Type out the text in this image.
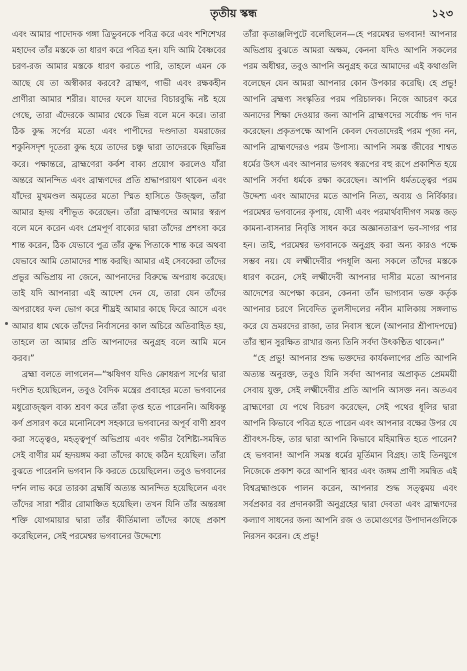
তৃতীয় স্কন্ধ	১২৩

এবং আমার পাদোদক গঙ্গা ত্রিভুবনকে পবিত্র করে এবং শশিশেখর মহাদেব তাঁর মস্তকে তা ধারণ করে পবিত্র হন। যদি আমি বৈষ্ণবের চরণ-রজ আমার মস্তকে ধারণ করতে পারি, তাহলে এমন কে আছে যে তা অস্বীকার করবে? ব্রাহ্মণ, গাভী এবং রক্ষকহীন প্রাণীরা আমার শরীর। যাদের ফলে যাদের বিচারবুদ্ধি নষ্ট হয়ে গেছে, তারা এঁদেরকে আমার থেকে ভিন্ন বলে মনে করে। তারা ঠিক কুদ্ধ সর্পের মতো এবং পাপীদের দণ্ডদাতা যমরাজের শকুনিসদৃশ দূতেরা কুদ্ধ হয়ে তাদের চঞ্চু দ্বারা তাদেরকে ছিন্নভিন্ন করে। পক্ষান্তরে, ব্রাহ্মণেরা কর্কশ বাক্য প্রয়োগ করলেও যাঁরা অন্তরে আনন্দিত এবং ব্রাহ্মণদের প্রতি শ্রদ্ধাপরায়ণ থাকেন এবং যাঁদের মুখমণ্ডল অমৃতের মতো স্মিত হাসিতে উজ্জ্বল, তাঁরা আমার হৃদয় বশীভূত করেছেন। তাঁরা ব্রাহ্মণদের আমার স্বরূপ বলে মনে করেন এবং প্রেমপূর্ণ বাক্যের দ্বারা তাঁদের প্রশংসা করে শান্ত করেন, ঠিক যেভাবে পুত্র তাঁর ক্রুদ্ধ পিতাকে শান্ত করে অথবা যেভাবে আমি তোমাদের শান্ত করছি। আমার এই সেবকেরা তাঁদের প্রভুর অভিপ্রায় না জেনে, আপনাদের বিরুদ্ধে অপরাধ করেছে। তাই যদি আপনারা এই আদেশ দেন যে, তারা যেন তাঁদের অপরাধের ফল ভোগ করে শীঘ্রই আমার কাছে ফিরে আসে এবং আমার ধাম থেকে তাঁদের নির্বাসনের কাল অচিরে অতিবাহিত হয়, তাহলে তা আমার প্রতি আপনাদের অনুগ্রহ বলে আমি মনে করব।”

ব্রহ্মা বলতে লাগলেন—“ঋষিগণ যদিও ক্রোধরূপ সর্পের দ্বারা দংশিত হয়েছিলেন, তবুও বৈদিক মন্ত্রের প্রবাহের মতো ভগবানের মধুরোজ্জ্বল বাক্য শ্রবণ করে তাঁরা তৃপ্ত হতে পারেননি। অধিকন্তু কর্ণ প্রসারণ করে মনোনিবেশ সহকারে ভগবানের অপূর্ব বাণী শ্রবণ করা সত্ত্বেও, মহত্ত্বপূর্ণ অভিপ্রায় এবং গভীর বৈশিষ্ট্য-সমন্বিত সেই বাণীর মর্ম হৃদয়ঙ্গম করা তাঁদের কাছে কঠিন হয়েছিল। তাঁরা বুঝতে পারেননি ভগবান কি করতে চেয়েছিলেন। তবুও ভগবানের দর্শন লাভ করে তারকা ব্রহ্মর্ষি অত্যন্ত আনন্দিত হয়েছিলেন এবং তাঁদের সারা শরীর রোমাঞ্চিত হয়েছিল। তখন যিনি তাঁর অন্তরঙ্গা শক্তি যোগমায়ার দ্বারা তাঁর কীর্তিমালা তাঁদের কাছে প্রকাশ করেছিলেন, সেই পরমেশ্বর ভগবানের উদ্দেশ্যে

তাঁরা কৃতাঞ্জলিপুটে বলেছিলেন—হে পরমেশ্বর ভগবান! আপনার অভিপ্রায় বুঝতে আমরা অক্ষম, কেননা যদিও আপনি সকলের পরম অধীশ্বর, তবুও আপনি অনুগ্রহ করে আমাদের এই কথাগুলি বলেছেন যেন আমরা আপনার কোন উপকার করেছি। হে প্রভু! আপনি ব্রহ্মণ্য সংস্কৃতির পরম পরিচালক। নিজে আচরণ করে অন্যদের শিক্ষা দেওয়ার জন্য আপনি ব্রাহ্মণদের সর্বোচ্চ পদ দান করেছেন। প্রকৃতপক্ষে আপনি কেবল দেবতাদেরই পরম পূজ্য নন, আপনি ব্রাহ্মণদেরও পরম উপাস্য। আপনি সমস্ত জীবের শাশ্বত ধর্মের উৎস এবং আপনার ভগবৎ স্বরূপের বহু রূপে প্রকাশিত হয়ে আপনি সর্বদা ধর্মকে রক্ষা করেছেন। আপনি ধর্মতত্ত্বের পরম উদ্দেশ্য এবং আমাদের মতে আপনি নিত্য, অব্যয় ও নির্বিকার। পরমেশ্বর ভগবানের কৃপায়, যোগী এবং পরমার্থবাদীগণ সমস্ত জড় কামনা-বাসনার নিবৃত্তি সাধন করে অজ্ঞানতারূপ ভব-সাগর পার হন। তাই, পরমেশ্বর ভগবানকে অনুগ্রহ করা অন্য কারও পক্ষে সম্ভব নয়। যে লক্ষ্মীদেবীর পদধূলি অন্য সকলে তাঁদের মস্তকে ধারণ করেন, সেই লক্ষ্মীদেবী আপনার দাসীর মতো আপনার আদেশের অপেক্ষা করেন, কেননা তাঁন ভাগ্যবান ভক্ত কর্তৃক আপনার চরণে নিবেদিত তুলসীদলের নবীন মালিকায় সঙ্গলাভ করে যে ভ্রমরদের রাজা, তার নিবাস স্থলে (আপনার শ্রীপাদপদ্মে) তাঁর স্থান সুরক্ষিত রাখার জন্য তিনি সর্বদা উৎকণ্ঠিত থাকেন।”

“হে প্রভু! আপনার শুদ্ধ ভক্তদের কার্যকলাপের প্রতি আপনি অত্যন্ত অনুরক্ত, তবুও যিনি সর্বদা আপনার অপ্রাকৃত প্রেমময়ী সেবায় যুক্ত, সেই লক্ষ্মীদেবীর প্রতি আপনি আসক্ত নন। অতএব ব্রাহ্মণেরা যে পথে বিচরণ করেছেন, সেই পথের ধূলির দ্বারা আপনি কিভাবে পবিত্র হতে পারেন এবং আপনার বক্ষের উপর যে শ্রীবৎস-চিহ্ন, তার দ্বারা আপনি কিভাবে মহিমান্বিত হতে পারেন? হে ভগবান! আপনি সমস্ত ধর্মের মূর্তিমান বিগ্রহ। তাই তিনযুগে নিজেকে প্রকাশ করে আপনি স্থাবর এবং জঙ্গম প্রাণী সমন্বিত এই বিশ্বব্রহ্মাণ্ডকে পালন করেন, আপনার শুদ্ধ সত্ত্বময় এবং সর্বপ্রকার বর প্রদানকারী অনুগ্রহের দ্বারা দেবতা এবং ব্রাহ্মণদের কল্যাণ সাধনের জন্য আপনি রজ ও তমোগুণের উপাদানগুলিকে নিরসন করেন। হে প্রভু!
